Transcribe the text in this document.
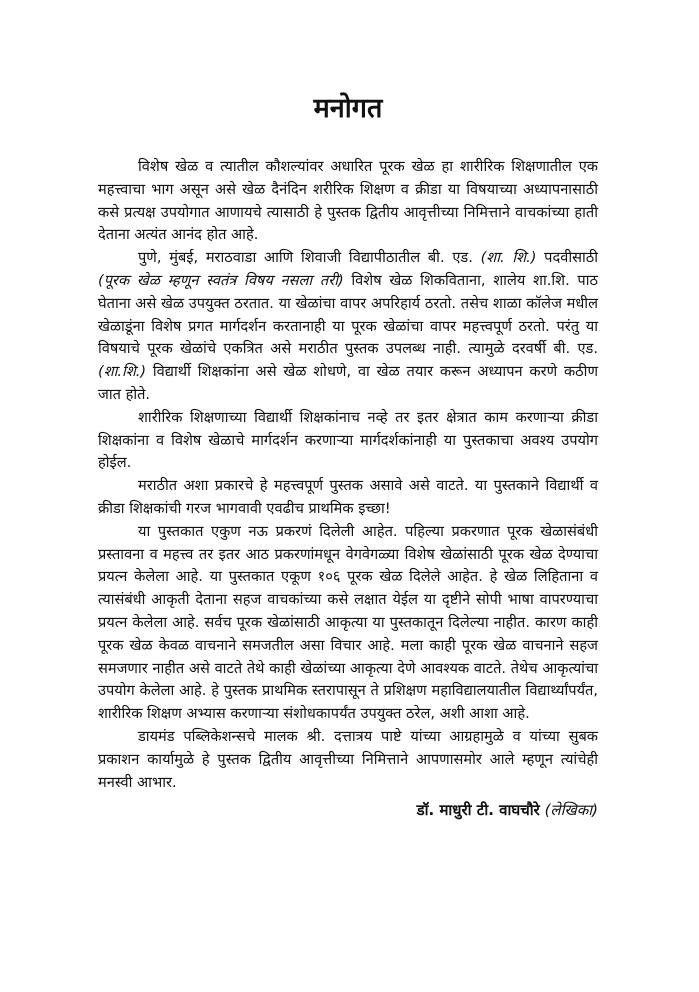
मनोगत

विशेष खेळ व त्यातील कौशल्यांवर अधारित पूरक खेळ हा शारीरिक शिक्षणातील एक महत्त्वाचा भाग असून असे खेळ दैनंदिन शरीरिक शिक्षण व क्रीडा या विषयाच्या अध्यापनासाठी कसे प्रत्यक्ष उपयोगात आणायचे त्यासाठी हे पुस्तक द्वितीय आवृत्तीच्या निमित्ताने वाचकांच्या हाती देताना अत्यंत आनंद होत आहे.

पुणे, मुंबई, मराठवाडा आणि शिवाजी विद्यापीठातील बी. एड. (शा. शि.) पदवीसाठी (पूरक खेळ म्हणून स्वतंत्र विषय नसला तरी) विशेष खेळ शिकविताना, शालेय शा.शि. पाठ घेताना असे खेळ उपयुक्त ठरतात. या खेळांचा वापर अपरिहार्य ठरतो. तसेच शाळा कॉलेज मधील खेळाडूंना विशेष प्रगत मार्गदर्शन करतानाही या पूरक खेळांचा वापर महत्त्वपूर्ण ठरतो. परंतु या विषयाचे पूरक खेळांचे एकत्रित असे मराठीत पुस्तक उपलब्ध नाही. त्यामुळे दरवर्षी बी. एड. (शा.शि.) विद्यार्थी शिक्षकांना असे खेळ शोधणे, वा खेळ तयार करून अध्यापन करणे कठीण जात होते.

शारीरिक शिक्षणाच्या विद्यार्थी शिक्षकांनाच नव्हे तर इतर क्षेत्रात काम करणाऱ्या क्रीडा शिक्षकांना व विशेष खेळाचे मार्गदर्शन करणाऱ्या मार्गदर्शकांनाही या पुस्तकाचा अवश्य उपयोग होईल.

मराठीत अशा प्रकारचे हे महत्त्वपूर्ण पुस्तक असावे असे वाटते. या पुस्तकाने विद्यार्थी व क्रीडा शिक्षकांची गरज भागवावी एवढीच प्राथमिक इच्छा!

या पुस्तकात एकुण नऊ प्रकरणं दिलेली आहेत. पहिल्या प्रकरणात पूरक खेळासंबंधी प्रस्तावना व महत्त्व तर इतर आठ प्रकरणांमधून वेगवेगळ्या विशेष खेळांसाठी पूरक खेळ देण्याचा प्रयत्न केलेला आहे. या पुस्तकात एकूण १०६ पूरक खेळ दिलेले आहेत. हे खेळ लिहिताना व त्यासंबंधी आकृती देताना सहज वाचकांच्या कसे लक्षात येईल या दृष्टीने सोपी भाषा वापरण्याचा प्रयत्न केलेला आहे. सर्वच पूरक खेळांसाठी आकृत्या या पुस्तकातून दिलेल्या नाहीत. कारण काही पूरक खेळ केवळ वाचनाने समजतील असा विचार आहे. मला काही पूरक खेळ वाचनाने सहज समजणार नाहीत असे वाटते तेथे काही खेळांच्या आकृत्या देणे आवश्यक वाटते. तेथेच आकृत्यांचा उपयोग केलेला आहे. हे पुस्तक प्राथमिक स्तरापासून ते प्रशिक्षण महाविद्यालयातील विद्यार्थ्यांपर्यंत, शारीरिक शिक्षण अभ्यास करणाऱ्या संशोधकापर्यंत उपयुक्त ठरेल, अशी आशा आहे.

डायमंड पब्लिकेशन्सचे मालक श्री. दत्तात्रय पाष्टे यांच्या आग्रहामुळे व यांच्या सुबक प्रकाशन कार्यामुळे हे पुस्तक द्वितीय आवृत्तीच्या निमित्ताने आपणासमोर आले म्हणून त्यांचेही मनस्वी आभार.

डॉ. माधुरी टी. वाघचौरे (लेखिका)
